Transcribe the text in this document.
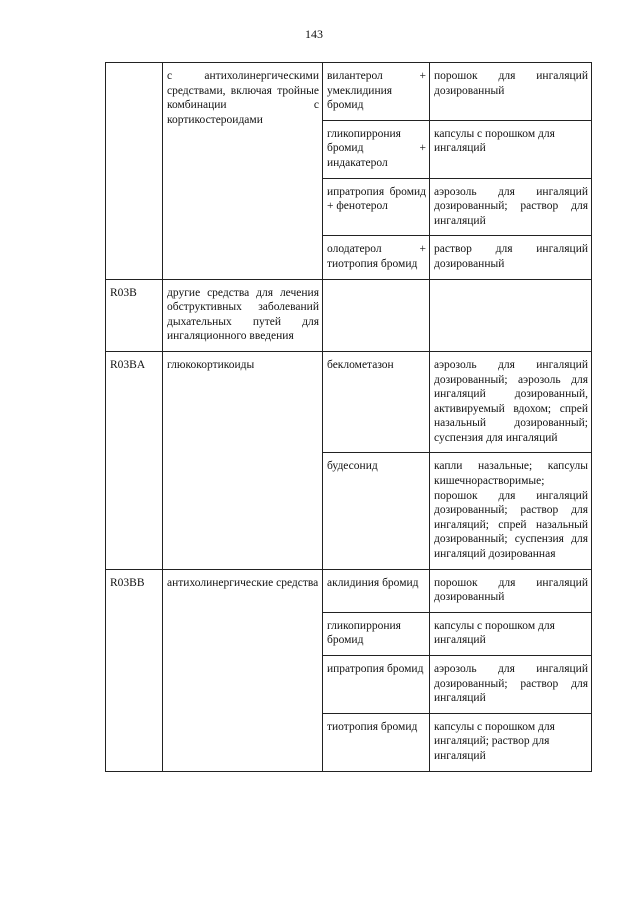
143
	с антихолинергическими средствами, включая тройные комбинации с кортикостероидами	вилантерол + умеклидиния бромид	порошок для ингаляций дозированный
		гликопиррония бромид + индакатерол	капсулы с порошком для ингаляций
		ипратропия бромид + фенотерол	аэрозоль для ингаляций дозированный; раствор для ингаляций
		олодатерол + тиотропия бромид	раствор для ингаляций дозированный
R03B	другие средства для лечения обструктивных заболеваний дыхательных путей для ингаляционного введения		
R03BA	глюкокортикоиды	беклометазон	аэрозоль для ингаляций дозированный; аэрозоль для ингаляций дозированный, активируемый вдохом; спрей назальный дозированный; суспензия для ингаляций
		будесонид	капли назальные; капсулы кишечнорастворимые; порошок для ингаляций дозированный; раствор для ингаляций; спрей назальный дозированный; суспензия для ингаляций дозированная
R03BB	антихолинергические средства	аклидиния бромид	порошок для ингаляций дозированный
		гликопиррония бромид	капсулы с порошком для ингаляций
		ипратропия бромид	аэрозоль для ингаляций дозированный; раствор для ингаляций
		тиотропия бромид	капсулы с порошком для ингаляций; раствор для ингаляций
